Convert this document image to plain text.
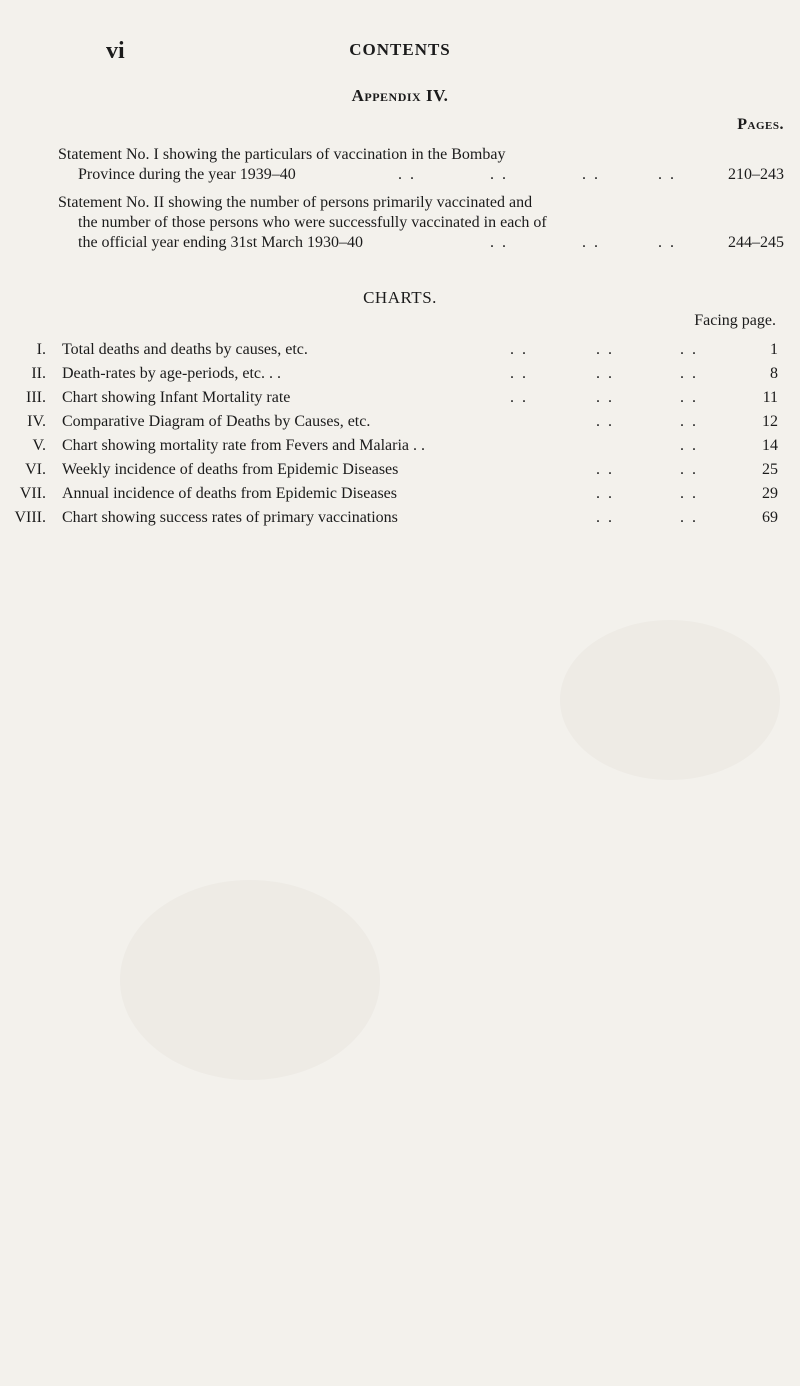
vi	CONTENTS
Appendix IV.
Pages.
Statement No. I showing the particulars of vaccination in the Bombay
Province during the year 1939–40	. .	. .	. .	. .	210–243
Statement No. II showing the number of persons primarily vaccinated and
the number of those persons who were successfully vaccinated in each of
the official year ending 31st March 1930–40	. .	. .	. .	244–245
CHARTS.
Facing page.
I. Total deaths and deaths by causes, etc.	. .	. .	. .	1
II. Death-rates by age-periods, etc. . .	. .	. .	. .	8
III. Chart showing Infant Mortality rate	. .	. .	. .	11
IV. Comparative Diagram of Deaths by Causes, etc.	. .	. .	12
V. Chart showing mortality rate from Fevers and Malaria . .	. .	14
VI. Weekly incidence of deaths from Epidemic Diseases	. .	. .	25
VII. Annual incidence of deaths from Epidemic Diseases	. .	. .	29
VIII. Chart showing success rates of primary vaccinations	. .	. .	69
